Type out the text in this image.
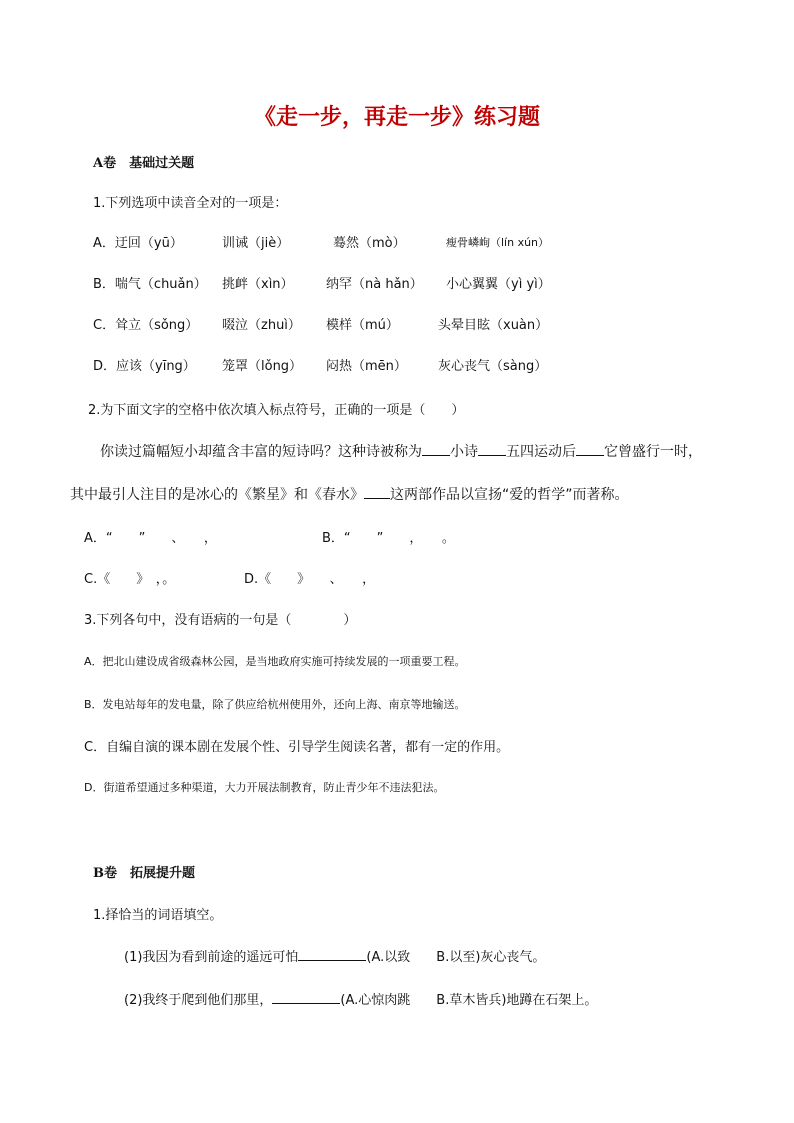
《走一步，再走一步》练习题
A卷　基础过关题
1.下列选项中读音全对的一项是：
A．迂回（yū）	训诫（jiè）	蓦然（mò）	瘦骨嶙峋（lín xún）
B．喘气（chuǎn） 挑衅（xìn） 纳罕（nà hǎn） 小心翼翼（yì yì）
C．耸立（sǒng） 啜泣（zhuì） 模样（mú）	头晕目眩（xuàn）
D．应该（yīng） 笼罩（lǒng） 闷热（mēn） 灰心丧气（sàng）
2.为下面文字的空格中依次填入标点符号，正确的一项是（　　）
你读过篇幅短小却蕴含丰富的短诗吗？这种诗被称为 小诗 五四运动后 它曾盛行一时，
其中最引人注目的是冰心的《繁星》和《春水》 这两部作品以宣扬“爱的哲学”而著称。
A．“　　”　　、　　，	B．“　　”　　，　　。
C.《　　》　，。	D.《　　》　　、　　，
3.下列各句中，没有语病的一句是（　　　　）
A．把北山建设成省级森林公园，是当地政府实施可持续发展的一项重要工程。
B．发电站每年的发电量，除了供应给杭州使用外，还向上海、南京等地输送。
C．自编自演的课本剧在发展个性、引导学生阅读名著，都有一定的作用。
D．街道希望通过多种渠道，大力开展法制教育，防止青少年不违法犯法。
B卷　拓展提升题
1.择恰当的词语填空。
(1)我因为看到前途的遥远可怕	(A.以致　　B.以至)灰心丧气。
(2)我终于爬到他们那里，	(A.心惊肉跳　　B.草木皆兵)地蹲在石架上。
